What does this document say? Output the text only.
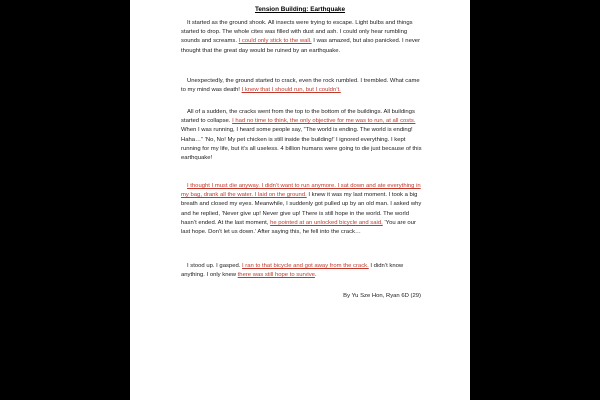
Tension Building: Earthquake

It started as the ground shook. All insects were trying to escape. Light bulbs and things started to drop. The whole cites was filled with dust and ash. I could only hear rumbling sounds and screams. I could only stick to the wall. I was amazed, but also panicked. I never thought that the great day would be ruined by an earthquake.

Unexpectedly, the ground started to crack, even the rock rumbled. I trembled. What came to my mind was death! I knew that I should run, but I couldn’t.

All of a sudden, the cracks went from the top to the bottom of the buildings. All buildings started to collapse. I had no time to think, the only objective for me was to run, at all costs. When I was running, I heard some people say, “The world is ending. The world is ending! Haha…” ‘No, No! My pet chicken is still inside the building!’ I ignored everything. I kept running for my life, but it’s all useless. 4 billion humans were going to die just because of this earthquake!

I thought I must die anyway. I didn’t want to run anymore. I sat down and ate everything in my bag, drank all the water. I laid on the ground. I knew it was my last moment. I took a big breath and closed my eyes. Meanwhile, I suddenly got pulled up by an old man. I asked why and he replied, ‘Never give up! Never give up! There is still hope in the world. The world hasn’t ended. At the last moment, he pointed at an unlocked bicycle and said, ‘You are our last hope. Don’t let us down.’ After saying this, he fell into the crack…

I stood up. I gasped. I ran to that bicycle and got away from the crack. I didn’t know anything. I only knew there was still hope to survive.

By Yu Sze Hon, Ryan 6D (29)
